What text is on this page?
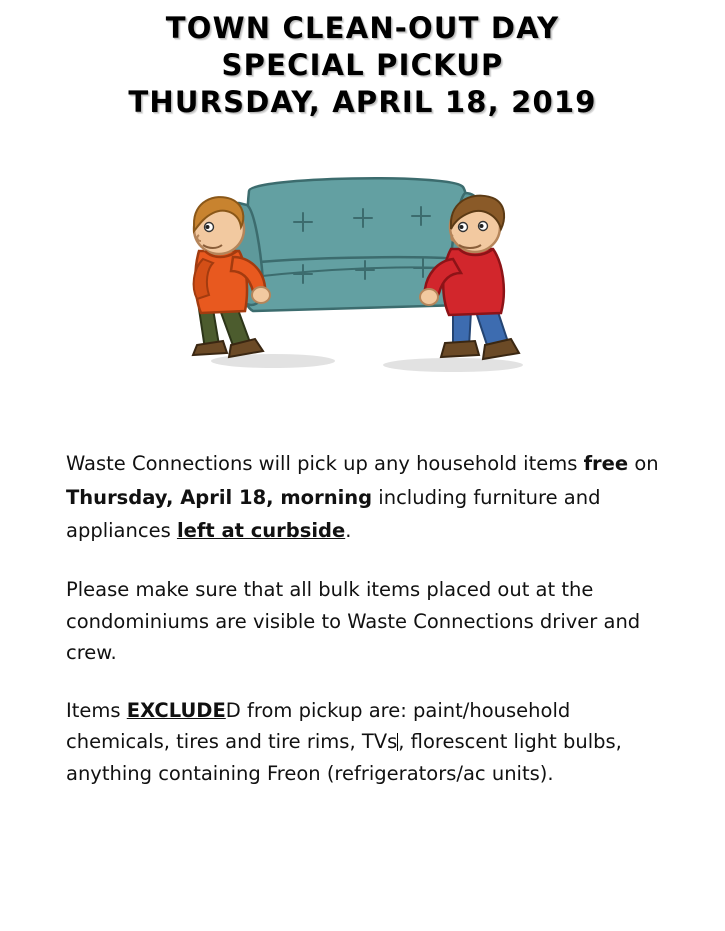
TOWN CLEAN-OUT DAY
SPECIAL PICKUP
THURSDAY, APRIL 18, 2019

Waste Connections will pick up any household items free on Thursday, April 18, morning including furniture and appliances left at curbside.

Please make sure that all bulk items placed out at the condominiums are visible to Waste Connections driver and crew.

Items EXCLUDED from pickup are: paint/household chemicals, tires and tire rims, TVs, florescent light bulbs, anything containing Freon (refrigerators/ac units).
